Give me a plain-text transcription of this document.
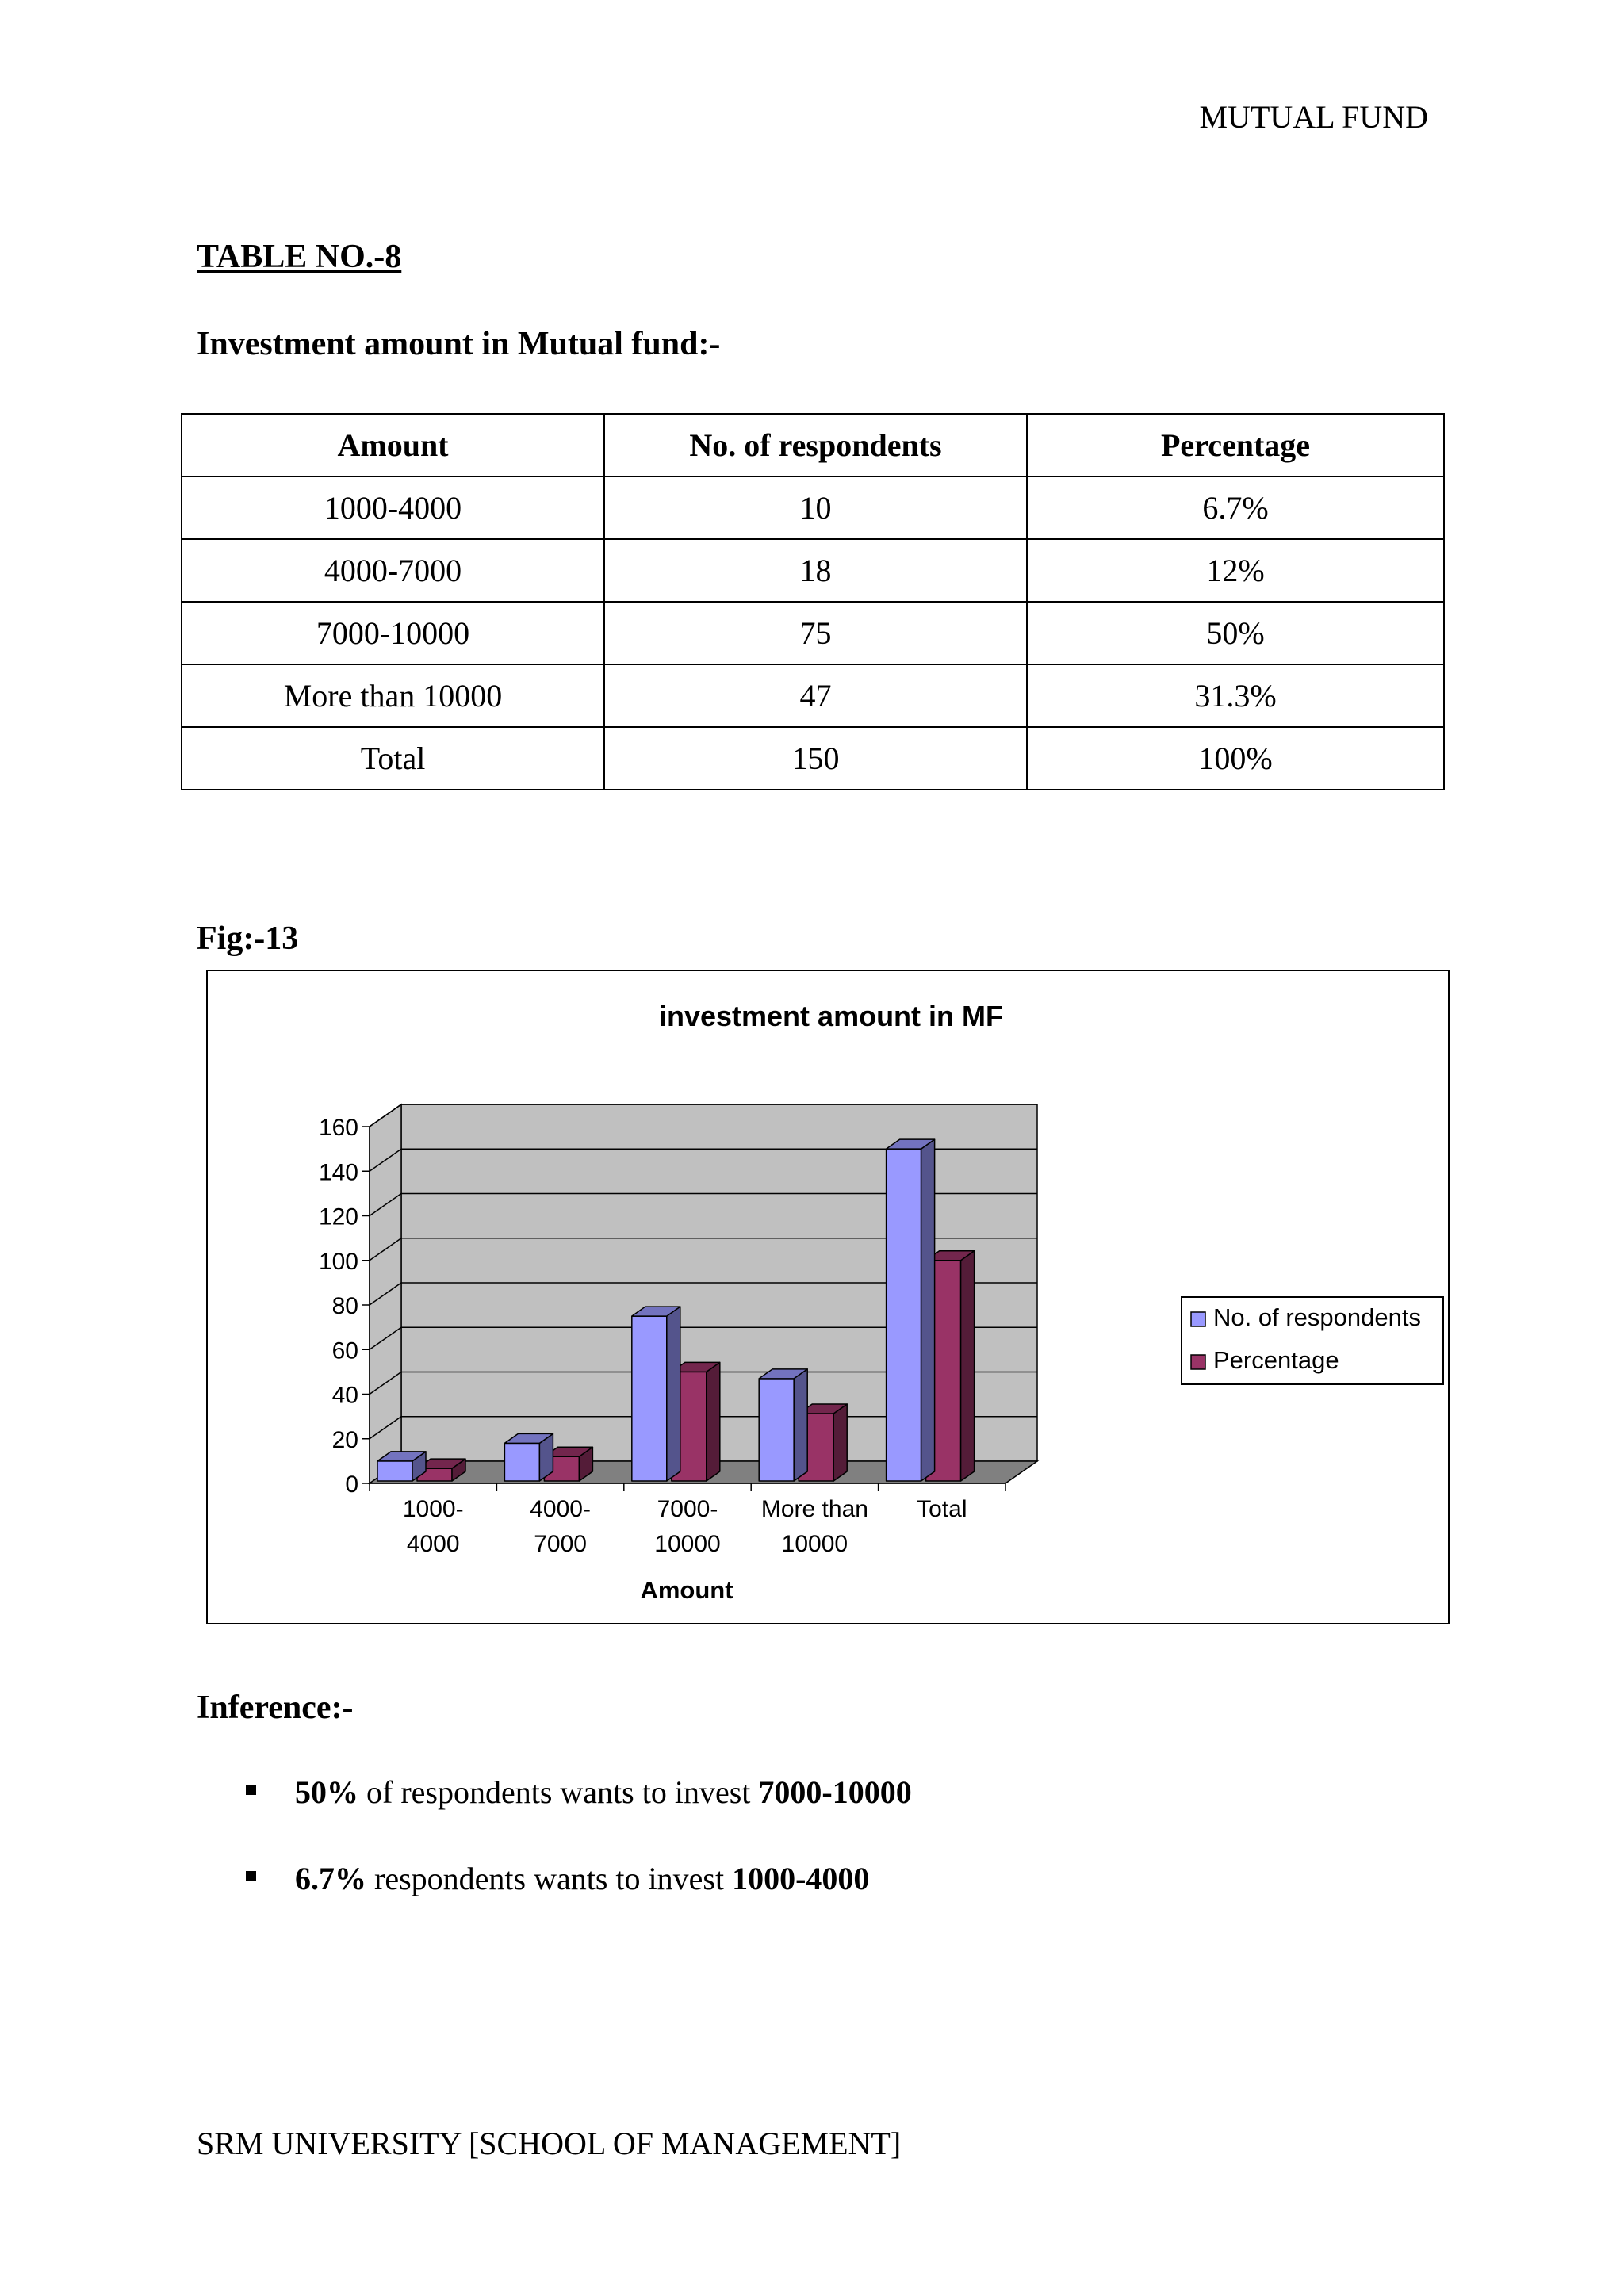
MUTUAL FUND
TABLE NO.-8
Investment amount in Mutual fund:-
Amount	No. of respondents	Percentage
1000-4000	10	6.7%
4000-7000	18	12%
7000-10000	75	50%
More than 10000	47	31.3%
Total	150	100%
Fig:-13
investment amount in MF
0
20
40
60
80
100
120
140
160
1000-
4000
4000-
7000
7000-
10000
More than
10000
Total
Amount
No. of respondents
Percentage
Inference:-
50% of respondents wants to invest 7000-10000
6.7% respondents wants to invest 1000-4000
SRM UNIVERSITY [SCHOOL OF MANAGEMENT]
